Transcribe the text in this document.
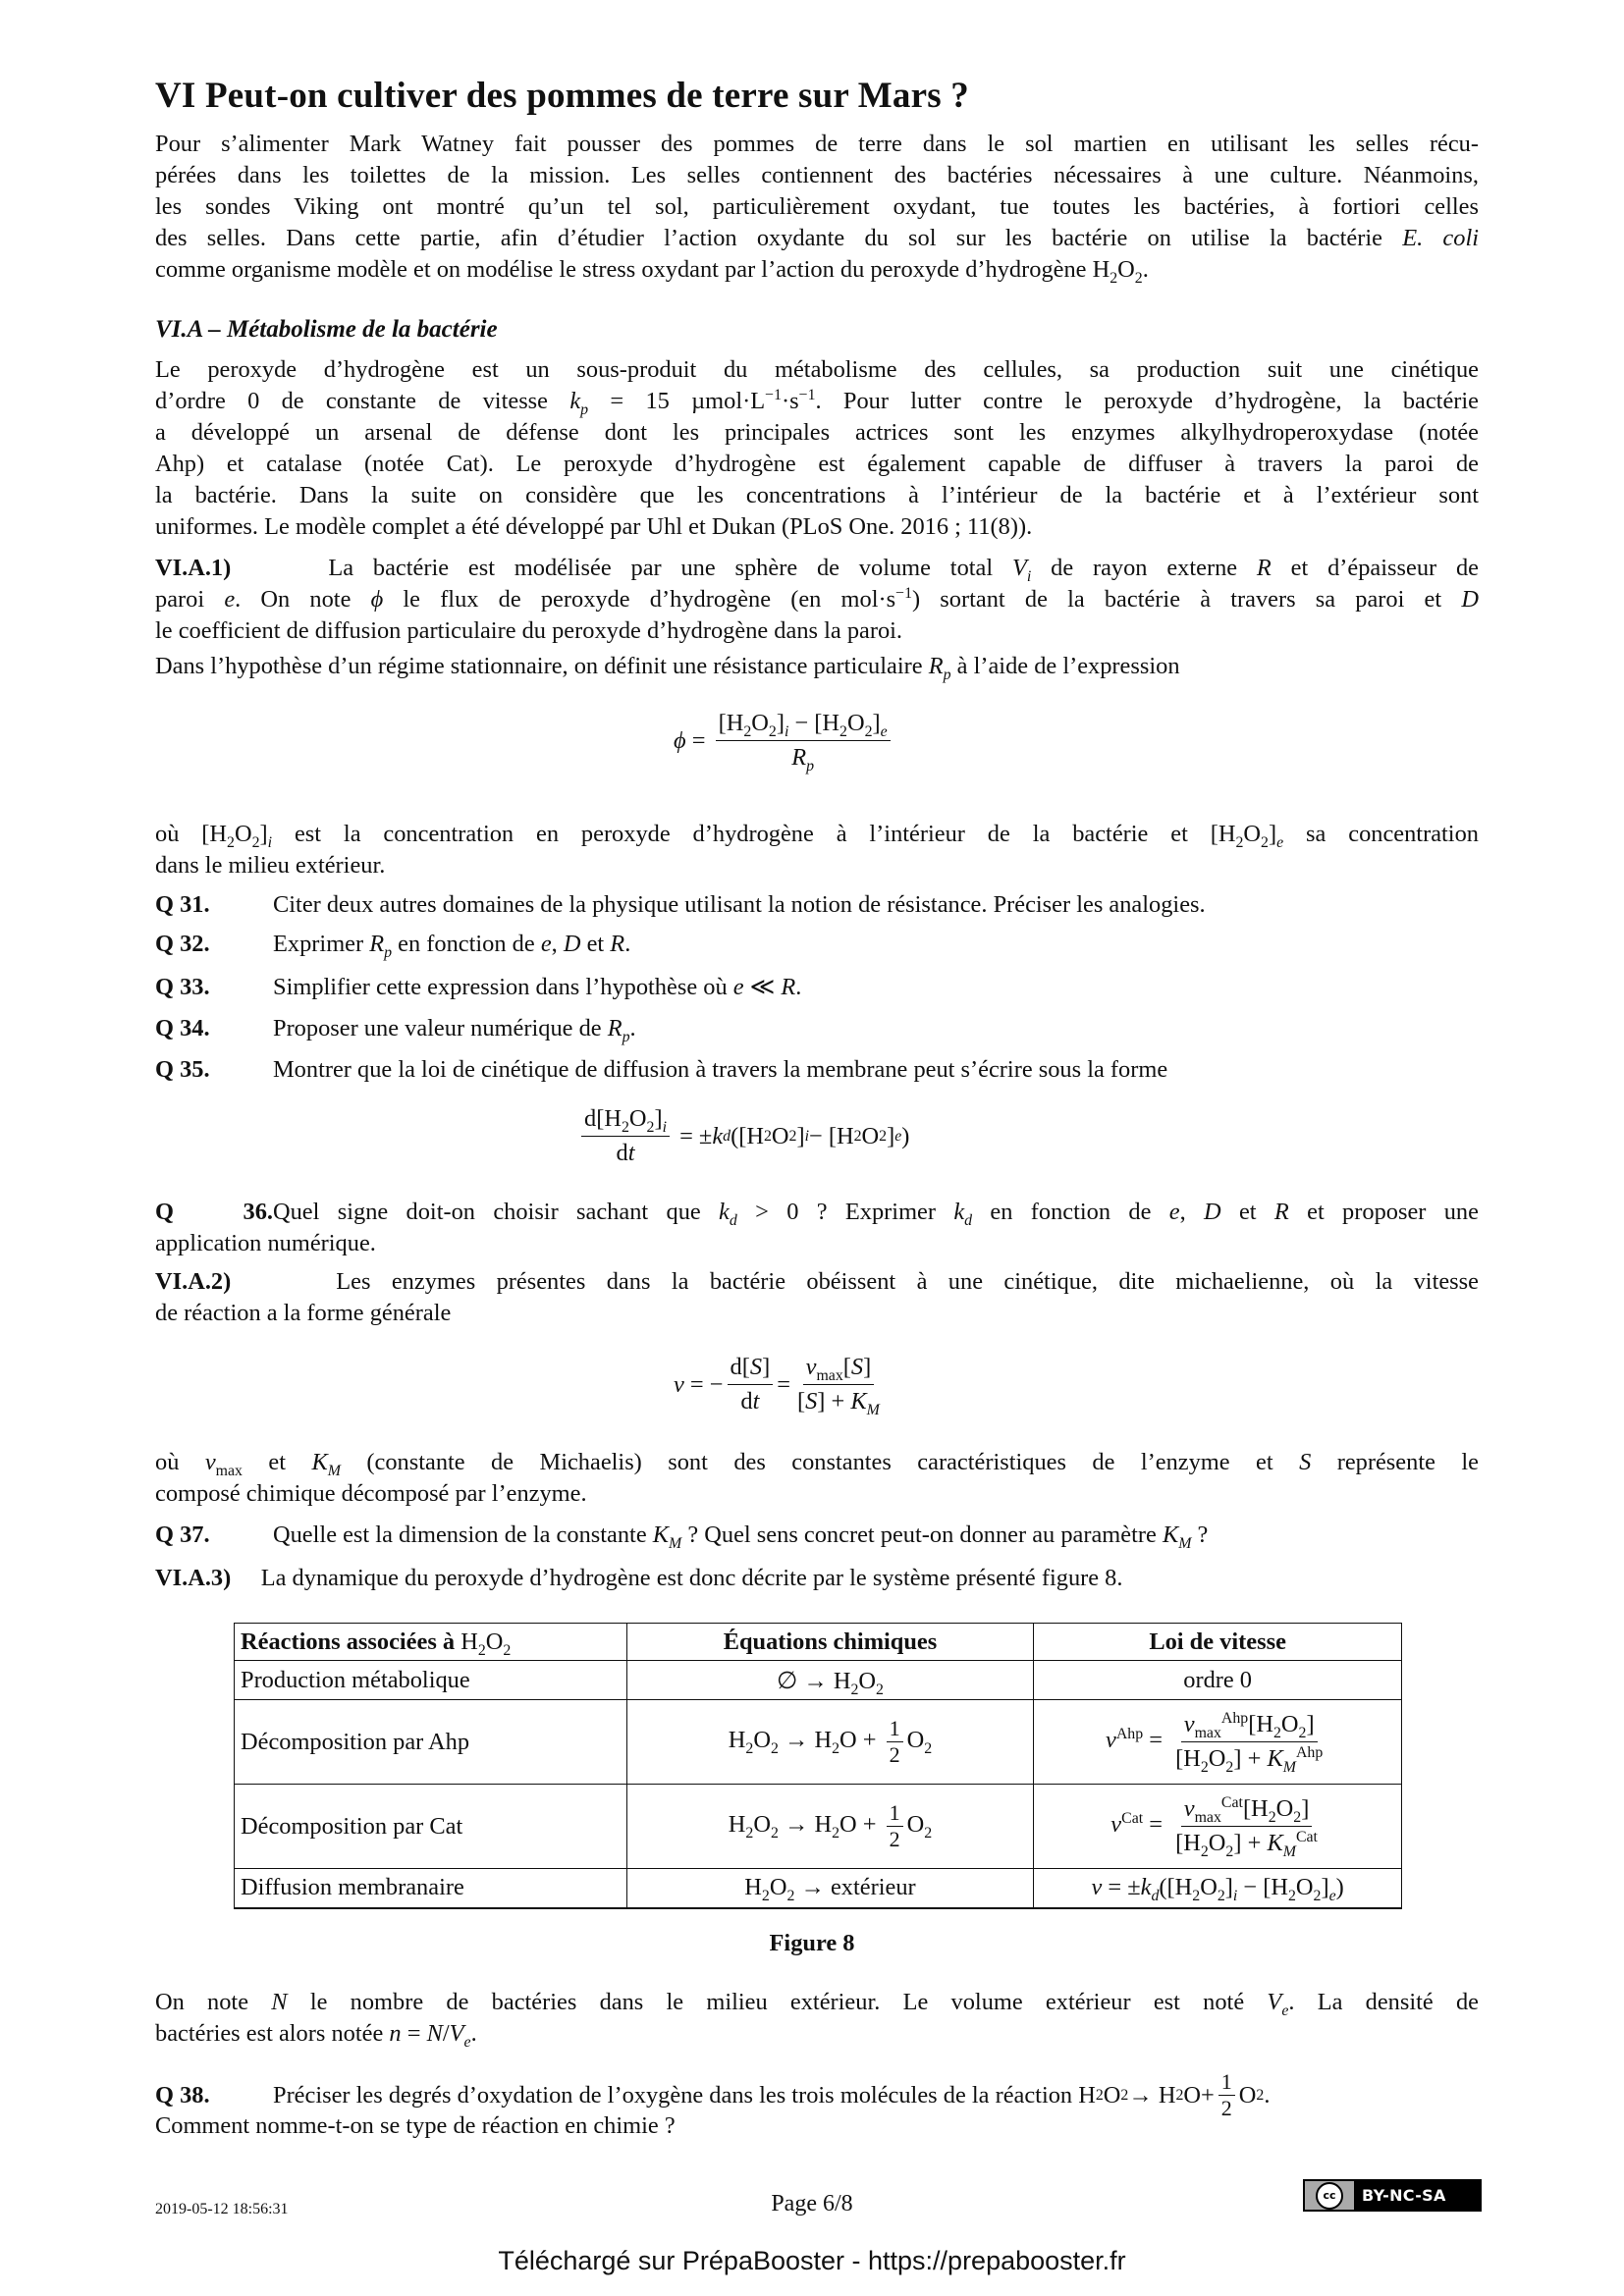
VI Peut-on cultiver des pommes de terre sur Mars ?
Pour s’alimenter Mark Watney fait pousser des pommes de terre dans le sol martien en utilisant les selles récu-
pérées dans les toilettes de la mission. Les selles contiennent des bactéries nécessaires à une culture. Néanmoins,
les sondes Viking ont montré qu’un tel sol, particulièrement oxydant, tue toutes les bactéries, à fortiori celles
des selles. Dans cette partie, afin d’étudier l’action oxydante du sol sur les bactérie on utilise la bactérie E. coli
comme organisme modèle et on modélise le stress oxydant par l’action du peroxyde d’hydrogène $H_2O_2$.
VI.A – Métabolisme de la bactérie
Le peroxyde d’hydrogène est un sous-produit du métabolisme des cellules, sa production suit une cinétique
d’ordre 0 de constante de vitesse $k_p = 15$ $\mu mol\cdot L^{-1}\cdot s^{-1}$. Pour lutter contre le peroxyde d’hydrogène, la bactérie
a développé un arsenal de défense dont les principales actrices sont les enzymes alkylhydroperoxydase (notée
Ahp) et catalase (notée Cat). Le peroxyde d’hydrogène est également capable de diffuser à travers la paroi de
la bactérie. Dans la suite on considère que les concentrations à l’intérieur de la bactérie et à l’extérieur sont
uniformes. Le modèle complet a été développé par Uhl et Dukan (PLoS One. 2016 ; 11(8)).
VI.A.1)	La bactérie est modélisée par une sphère de volume total $V_i$ de rayon externe R et d’épaisseur de
paroi e. On note ϕ le flux de peroxyde d’hydrogène (en $mol\cdot s^{-1}$) sortant de la bactérie à travers sa paroi et D
le coefficient de diffusion particulaire du peroxyde d’hydrogène dans la paroi.
Dans l’hypothèse d’un régime stationnaire, on définit une résistance particulaire $R_p$ à l’aide de l’expression
$\phi = \frac{[H_2O_2]_i - [H_2O_2]_e}{R_p}$
où $[H_2O_2]_i$ est la concentration en peroxyde d’hydrogène à l’intérieur de la bactérie et $[H_2O_2]_e$ sa concentration
dans le milieu extérieur.
Q 31.	Citer deux autres domaines de la physique utilisant la notion de résistance. Préciser les analogies.
Q 32.	Exprimer $R_p$ en fonction de e, D et R.
Q 33.	Simplifier cette expression dans l’hypothèse où e ≪ R.
Q 34.	Proposer une valeur numérique de $R_p$.
Q 35.	Montrer que la loi de cinétique de diffusion à travers la membrane peut s’écrire sous la forme
$\frac{d[H_2O_2]_i}{dt}$ = ± k d ([H 2 O 2 ] i − [H 2 O 2 ] e )
Q 36.Quel signe doit-on choisir sachant que $k_d > 0$ ? Exprimer $k_d$ en fonction de e, D et R et proposer une
application numérique.
VI.A.2)	Les enzymes présentes dans la bactérie obéissent à une cinétique, dite michaelienne, où la vitesse
de réaction a la forme générale
v = − $\frac{d[S]}{dt} = \frac{v_{max}[S]}{[S] + K_M}$
où $v_{max}$ et $K_M$ (constante de Michaelis) sont des constantes caractéristiques de l’enzyme et S représente le
composé chimique décomposé par l’enzyme.
Q 37.	Quelle est la dimension de la constante $K_M$ ? Quel sens concret peut-on donner au paramètre $K_M$ ?
VI.A.3) La dynamique du peroxyde d’hydrogène est donc décrite par le système présenté figure 8.
Réactions associées à $H_2O_2$	Équations chimiques	Loi de vitesse
Production métabolique	∅ → $H_2O_2$	ordre 0
Décomposition par Ahp	$H_2O_2 \to H_2O + \frac{1}{2} O_2$	$v^{Ahp} = \frac{v_{max}^{Ahp}[H_2O_2]}{[H_2O_2] + K_M^{Ahp}}$

Décomposition par Cat	$H_2O_2 \to H_2O + \frac{1}{2} O_2$	$v^{Cat} = \frac{v_{max}^{Cat}[H_2O_2]}{[H_2O_2] + K_M^{Cat}}$

Diffusion membranaire	$H_2O_2$ → extérieur	$v = \pm k_d([H_2O_2]_i - [H_2O_2]_e)$
Figure 8
On note N le nombre de bactéries dans le milieu extérieur. Le volume extérieur est noté $V_e$. La densité de
bactéries est alors notée $n = N/V_e$.
Q 38.	Préciser les degrés d’oxydation de l’oxygène dans les trois molécules de la réaction H 2 O 2 → H 2 $O+ \frac{1}{2}$ O 2 .
Comment nomme-t-on se type de réaction en chimie ?
2019-05-12 18:56:31	Page 6/8	cc	BY-NC-SA
Téléchargé sur PrépaBooster - https://prepabooster.fr
